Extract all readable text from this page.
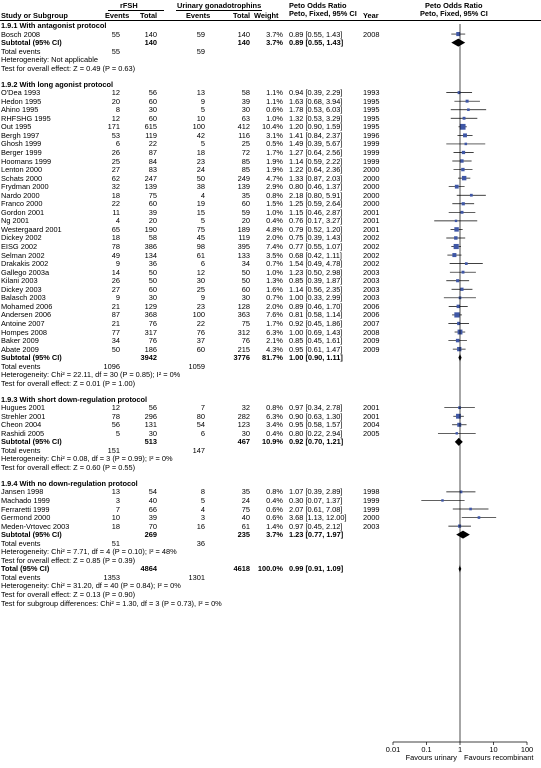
rFSH	Urinary gonadotrophins	Peto Odds Ratio
Peto, Fixed, 95% CI
Peto Odds Ratio
Peto, Fixed, 95% CI
Study or Subgroup	Events Total	Events	Total Weight	Year
1.9.1 With antagonist protocol
Bosch 2008	55	140	59	140 3.7% 0.89 [0.55, 1.43]	2008
Subtotal (95% CI)	140	140 3.7% 0.89 [0.55, 1.43]
Total events	55	59
Heterogeneity: Not applicable
Test for overall effect: Z = 0.49 (P = 0.63)
1.9.2 With long agonist protocol
O'Dea 1993	12	56	13	58 1.1% 0.94 [0.39, 2.29]	1993
Hedon 1995	20	60	9	39 1.1% 1.63 [0.68, 3.94]	1995
Ahino 1995	8	30	5	30 0.6% 1.78 [0.53, 6.03]	1995
RHFSHG 1995	12	60	10	63 1.0% 1.32 [0.53, 3.29]	1995
Out 1995	171	615	100	412 10.4% 1.20 [0.90, 1.59]	1995
Bergh 1997	53	119	42	116 3.1% 1.41 [0.84, 2.37]	1996
Ghosh 1999	6	22	5	25 0.5% 1.49 [0.39, 5.67]	1999
Berger 1999	26	87	18	72 1.7% 1.27 [0.64, 2.56]	1999
Hoomans 1999	25	84	23	85 1.9% 1.14 [0.59, 2.22]	1999
Lenton 2000	27	83	24	85 1.9% 1.22 [0.64, 2.36]	2000
Schats 2000	62	247	50	249 4.7% 1.33 [0.87, 2.03]	2000
Frydman 2000	32	139	38	139 2.9% 0.80 [0.46, 1.37]	2000
Nardo 2000	18	75	4	35 0.8% 2.18 [0.80, 5.91]	2000
Franco 2000	22	60	19	60 1.5% 1.25 [0.59, 2.64]	2000
Gordon 2001	11	39	15	59 1.0% 1.15 [0.46, 2.87]	2001
Ng 2001	4	20	5	20 0.4% 0.76 [0.17, 3.27]	2001
Westergaard 2001	65	190	75	189 4.8% 0.79 [0.52, 1.20]	2001
Dickey 2002	18	58	45	119 2.0% 0.75 [0.39, 1.43]	2002
EISG 2002	78	386	98	395 7.4% 0.77 [0.55, 1.07]	2002
Selman 2002	49	134	61	133 3.5% 0.68 [0.42, 1.11]	2002
Drakakis 2002	9	36	6	34 0.7% 1.54 [0.49, 4.78]	2002
Gallego 2003a	14	50	12	50 1.0% 1.23 [0.50, 2.98]	2003
Kilani 2003	26	50	30	50 1.3% 0.85 [0.39, 1.87]	2003
Dickey 2003	27	60	25	60 1.6% 1.14 [0.56, 2.35]	2003
Balasch 2003	9	30	9	30 0.7% 1.00 [0.33, 2.99]	2003
Mohamed 2006	21	129	23	128 2.0% 0.89 [0.46, 1.70]	2006
Andersen 2006	87	368	100	363 7.6% 0.81 [0.58, 1.14]	2006
Antoine 2007	21	76	22	75 1.7% 0.92 [0.45, 1.86]	2007
Hompes 2008	77	317	76	312 6.3% 1.00 [0.69, 1.43]	2008
Baker 2009	34	76	37	76 2.1% 0.85 [0.45, 1.61]	2009
Abate 2009	50	186	60	215 4.3% 0.95 [0.61, 1.47]	2009
Subtotal (95% CI)	3942	3776 81.7% 1.00 [0.90, 1.11]
Total events	1096	1059
Heterogeneity: Chi² = 22.11, df = 30 (P = 0.85); I² = 0%
Test for overall effect: Z = 0.01 (P = 1.00)
1.9.3 With short down-regulation protocol
Hugues 2001	12	56	7	32 0.8% 0.97 [0.34, 2.78]	2001
Strehler 2001	78	296	80	282 6.3% 0.90 [0.63, 1.30]	2001
Cheon 2004	56	131	54	123 3.4% 0.95 [0.58, 1.57]	2004
Rashidi 2005	5	30	6	30 0.4% 0.80 [0.22, 2.94]	2005
Subtotal (95% CI)	513	467 10.9% 0.92 [0.70, 1.21]
Total events	151	147
Heterogeneity: Chi² = 0.08, df = 3 (P = 0.99); I² = 0%
Test for overall effect: Z = 0.60 (P = 0.55)
1.9.4 With no down-regulation protocol
Jansen 1998	13	54	8	35 0.8% 1.07 [0.39, 2.89]	1998
Machado 1999	3	40	5	24 0.4% 0.30 [0.07, 1.37]	1999
Ferraretti 1999	7	66	4	75 0.6% 2.07 [0.61, 7.08]	1999
Germond 2000	10	39	3	40 0.6% 3.68 [1.13, 12.00] 2000
Meden-Vrtovec 2003	18	70	16	61 1.4% 0.97 [0.45, 2.12]	2003
Subtotal (95% CI)	269	235 3.7% 1.23 [0.77, 1.97]
Total events	51	36
Heterogeneity: Chi² = 7.71, df = 4 (P = 0.10); I² = 48%
Test for overall effect: Z = 0.85 (P = 0.39)
Total (95% CI)	4864	4618 100.0% 0.99 [0.91, 1.09]
Total events	1353	1301
Heterogeneity: Chi² = 31.20, df = 40 (P = 0.84); I² = 0%
Test for overall effect: Z = 0.13 (P = 0.90)
Test for subgroup differences: Chi² = 1.30, df = 3 (P = 0.73), I² = 0%
0.01	0.1	1	10	100
Favours urinary Favours recombinant
